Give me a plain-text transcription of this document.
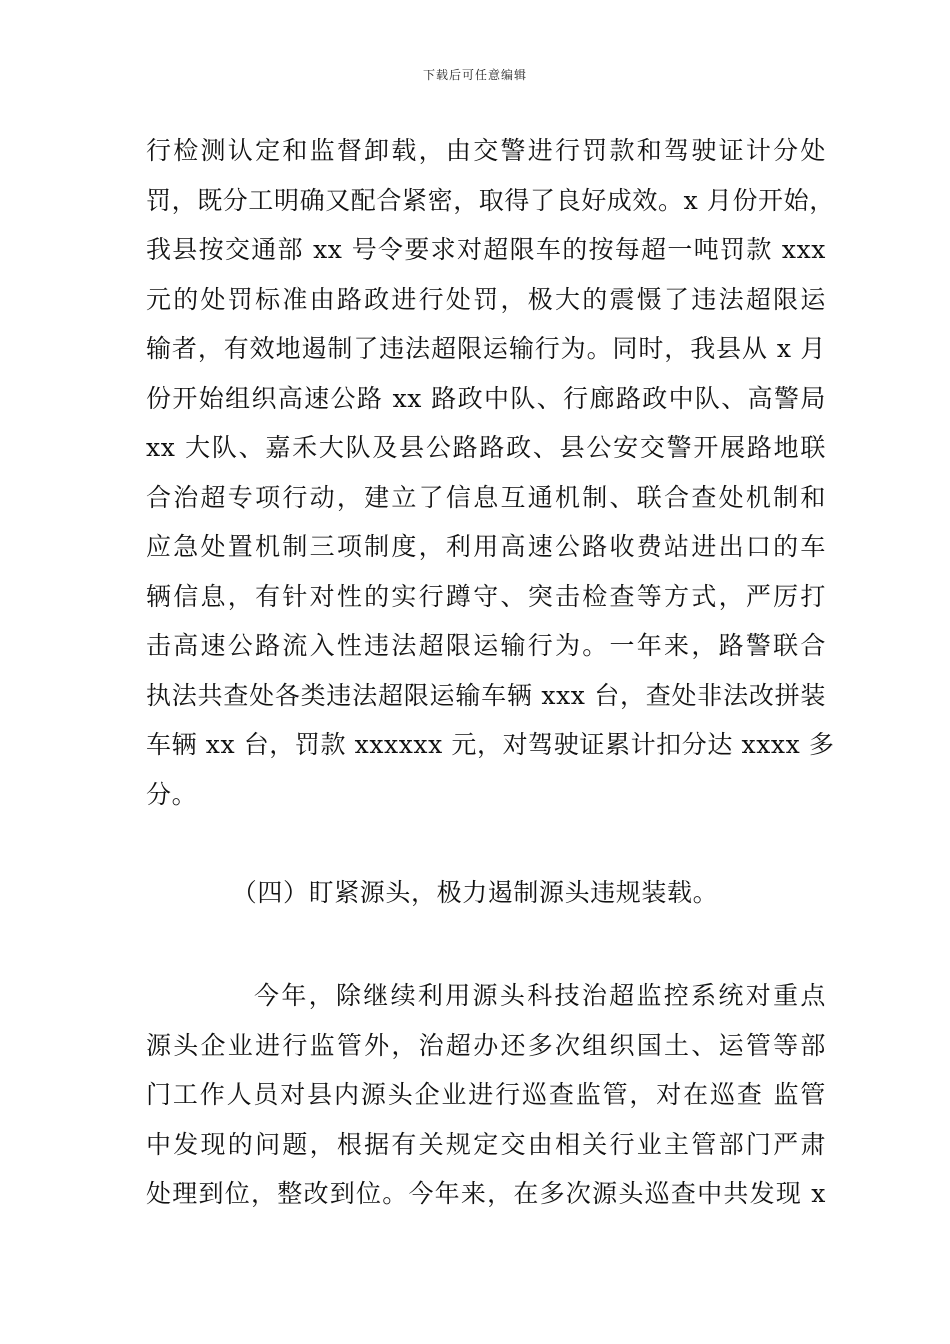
下载后可任意编辑
行检测认定和监督卸载，由交警进行罚款和驾驶证计分处
罚，既分工明确又配合紧密，取得了良好成效。x 月份开始，
我县按交通部 xx 号令要求对超限车的按每超一吨罚款 xxx
元的处罚标准由路政进行处罚，极大的震慑了违法超限运
输者，有效地遏制了违法超限运输行为。同时，我县从 x 月
份开始组织高速公路 xx 路政中队、行廊路政中队、高警局
xx 大队、嘉禾大队及县公路路政、县公安交警开展路地联
合治超专项行动，建立了信息互通机制、联合查处机制和
应急处置机制三项制度，利用高速公路收费站进出口的车
辆信息，有针对性的实行蹲守、突击检查等方式，严厉打
击高速公路流入性违法超限运输行为。一年来，路警联合
执法共查处各类违法超限运输车辆 xxx 台，查处非法改拼装
车辆 xx 台，罚款 xxxxxx 元，对驾驶证累计扣分达 xxxx 多
分。
（四）盯紧源头，极力遏制源头违规装载。
今年，除继续利用源头科技治超监控系统对重点
源头企业进行监管外，治超办还多次组织国土、运管等部
门工作人员对县内源头企业进行巡查监管，对在巡查 监管
中发现的问题，根据有关规定交由相关行业主管部门严肃
处理到位，整改到位。今年来，在多次源头巡查中共发现 x
